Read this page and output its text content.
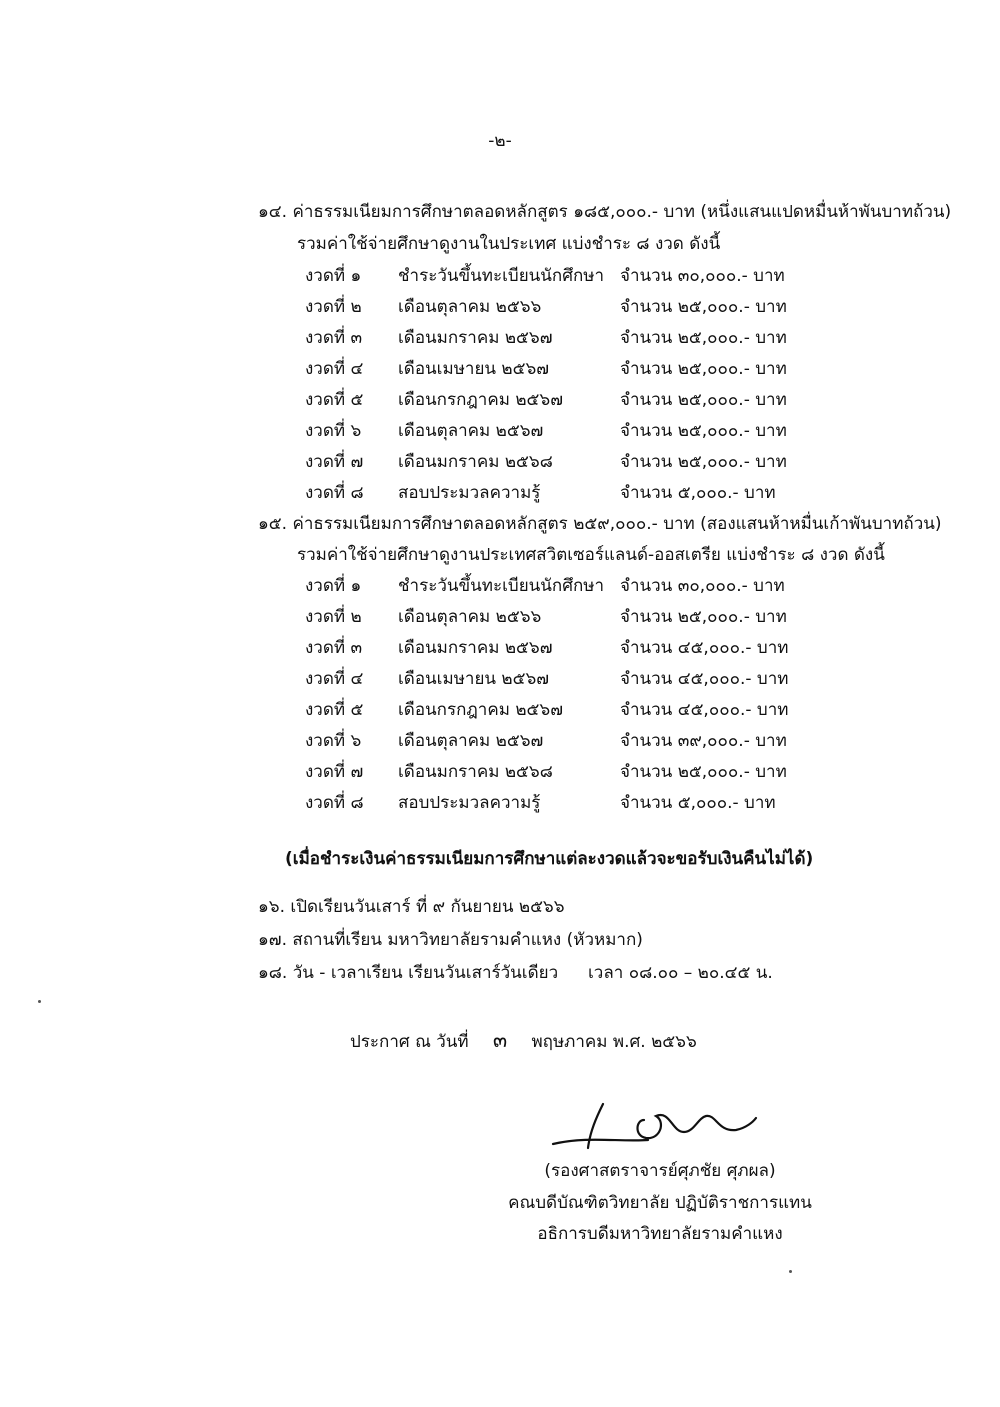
-๒-
๑๔. ค่าธรรมเนียมการศึกษาตลอดหลักสูตร ๑๘๕,๐๐๐.- บาท (หนึ่งแสนแปดหมื่นห้าพันบาทถ้วน)
รวมค่าใช้จ่ายศึกษาดูงานในประเทศ แบ่งชำระ ๘ งวด ดังนี้
งวดที่ ๑ ชำระวันขึ้นทะเบียนนักศึกษา จำนวน ๓๐,๐๐๐.- บาท
งวดที่ ๒ เดือนตุลาคม ๒๕๖๖	จำนวน ๒๕,๐๐๐.- บาท
งวดที่ ๓ เดือนมกราคม ๒๕๖๗	จำนวน ๒๕,๐๐๐.- บาท
งวดที่ ๔ เดือนเมษายน ๒๕๖๗	จำนวน ๒๕,๐๐๐.- บาท
งวดที่ ๕ เดือนกรกฎาคม ๒๕๖๗	จำนวน ๒๕,๐๐๐.- บาท
งวดที่ ๖ เดือนตุลาคม ๒๕๖๗	จำนวน ๒๕,๐๐๐.- บาท
งวดที่ ๗ เดือนมกราคม ๒๕๖๘	จำนวน ๒๕,๐๐๐.- บาท
งวดที่ ๘ สอบประมวลความรู้	จำนวน ๕,๐๐๐.- บาท
๑๕. ค่าธรรมเนียมการศึกษาตลอดหลักสูตร ๒๕๙,๐๐๐.- บาท (สองแสนห้าหมื่นเก้าพันบาทถ้วน)
รวมค่าใช้จ่ายศึกษาดูงานประเทศสวิตเซอร์แลนด์-ออสเตรีย แบ่งชำระ ๘ งวด ดังนี้
งวดที่ ๑ ชำระวันขึ้นทะเบียนนักศึกษา จำนวน ๓๐,๐๐๐.- บาท
งวดที่ ๒ เดือนตุลาคม ๒๕๖๖	จำนวน ๒๕,๐๐๐.- บาท
งวดที่ ๓ เดือนมกราคม ๒๕๖๗	จำนวน ๔๕,๐๐๐.- บาท
งวดที่ ๔ เดือนเมษายน ๒๕๖๗	จำนวน ๔๕,๐๐๐.- บาท
งวดที่ ๕ เดือนกรกฎาคม ๒๕๖๗	จำนวน ๔๕,๐๐๐.- บาท
งวดที่ ๖ เดือนตุลาคม ๒๕๖๗	จำนวน ๓๙,๐๐๐.- บาท
งวดที่ ๗ เดือนมกราคม ๒๕๖๘	จำนวน ๒๕,๐๐๐.- บาท
งวดที่ ๘ สอบประมวลความรู้	จำนวน ๕,๐๐๐.- บาท
(เมื่อชำระเงินค่าธรรมเนียมการศึกษาแต่ละงวดแล้วจะขอรับเงินคืนไม่ได้)
๑๖. เปิดเรียนวันเสาร์ ที่ ๙ กันยายน ๒๕๖๖
๑๗. สถานที่เรียน มหาวิทยาลัยรามคำแหง (หัวหมาก)
๑๘. วัน - เวลาเรียน เรียนวันเสาร์วันเดียว เวลา ๐๘.๐๐ – ๒๐.๔๕ น.
ประกาศ ณ วันที่ ๓ พฤษภาคม พ.ศ. ๒๕๖๖
(รองศาสตราจารย์ศุภชัย ศุภผล)
คณบดีบัณฑิตวิทยาลัย ปฏิบัติราชการแทน
อธิการบดีมหาวิทยาลัยรามคำแหง
